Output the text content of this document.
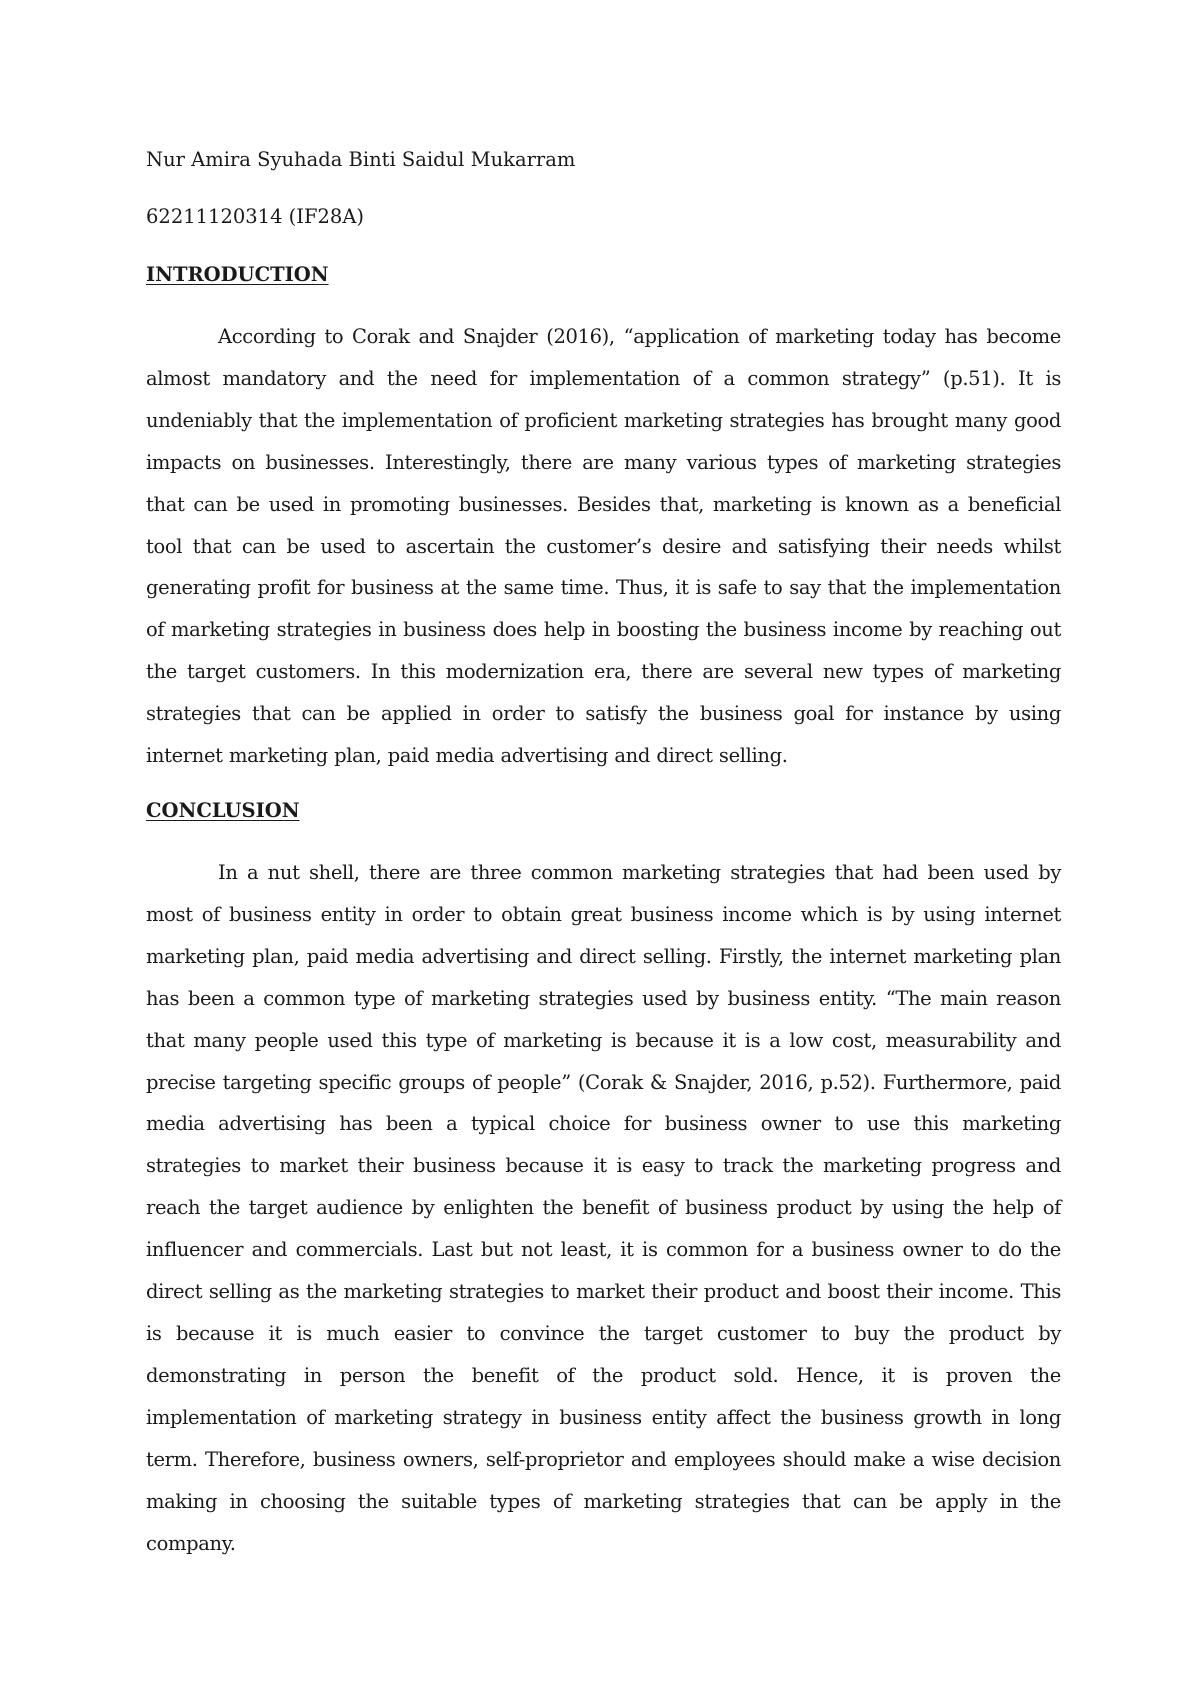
Nur Amira Syuhada Binti Saidul Mukarram

62211120314 (IF28A)

INTRODUCTION

According to Corak and Snajder (2016), “application of marketing today has become almost mandatory and the need for implementation of a common strategy” (p.51). It is undeniably that the implementation of proficient marketing strategies has brought many good impacts on businesses. Interestingly, there are many various types of marketing strategies that can be used in promoting businesses. Besides that, marketing is known as a beneficial tool that can be used to ascertain the customer’s desire and satisfying their needs whilst generating profit for business at the same time. Thus, it is safe to say that the implementation of marketing strategies in business does help in boosting the business income by reaching out the target customers. In this modernization era, there are several new types of marketing strategies that can be applied in order to satisfy the business goal for instance by using internet marketing plan, paid media advertising and direct selling.

CONCLUSION

In a nut shell, there are three common marketing strategies that had been used by most of business entity in order to obtain great business income which is by using internet marketing plan, paid media advertising and direct selling. Firstly, the internet marketing plan has been a common type of marketing strategies used by business entity. “The main reason that many people used this type of marketing is because it is a low cost, measurability and precise targeting specific groups of people” (Corak & Snajder, 2016, p.52). Furthermore, paid media advertising has been a typical choice for business owner to use this marketing strategies to market their business because it is easy to track the marketing progress and reach the target audience by enlighten the benefit of business product by using the help of influencer and commercials. Last but not least, it is common for a business owner to do the direct selling as the marketing strategies to market their product and boost their income. This is because it is much easier to convince the target customer to buy the product by demonstrating in person the benefit of the product sold. Hence, it is proven the implementation of marketing strategy in business entity affect the business growth in long term. Therefore, business owners, self-proprietor and employees should make a wise decision making in choosing the suitable types of marketing strategies that can be apply in the company.
